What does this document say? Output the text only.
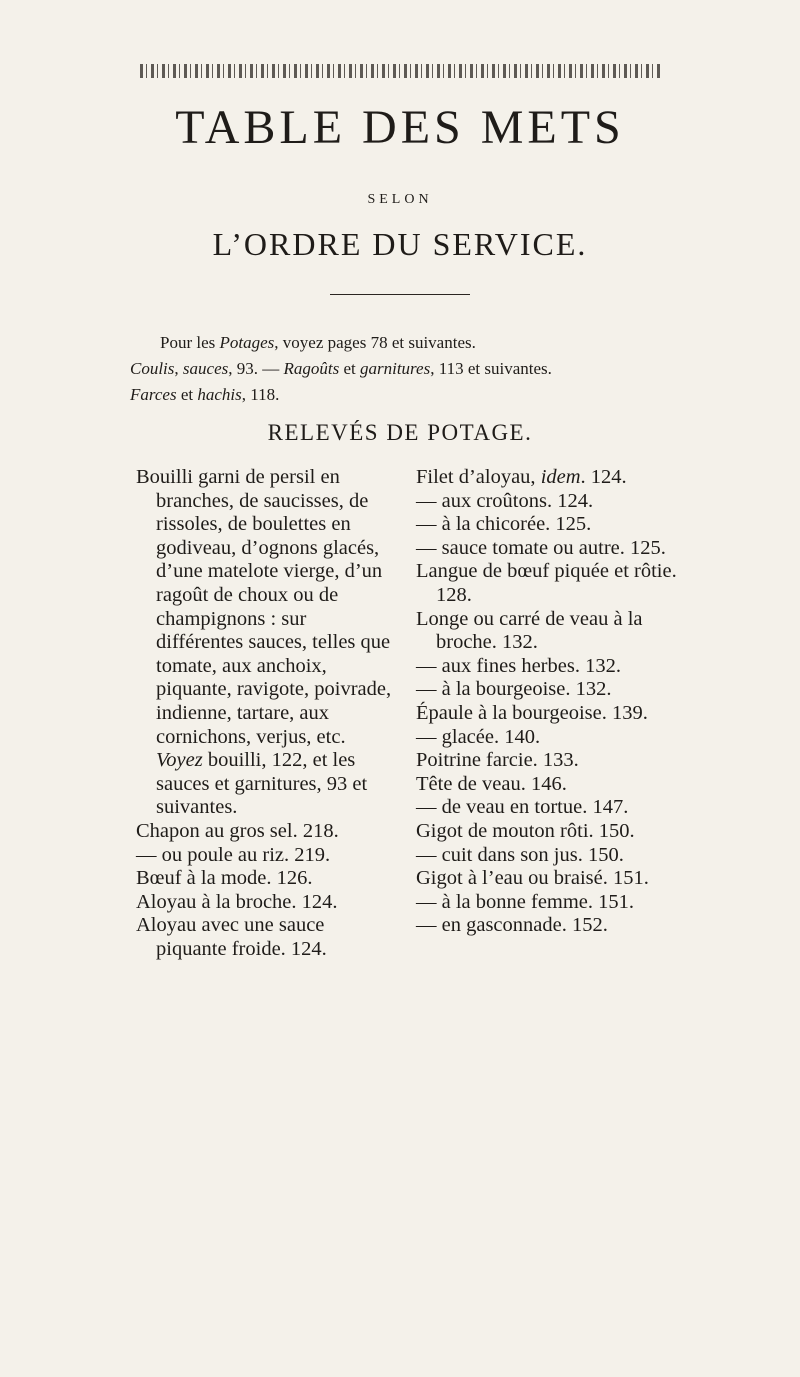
TABLE DES METS
SELON
L’ORDRE DU SERVICE.

Pour les Potages, voyez pages 78 et suivantes.

Coulis, sauces, 93. — Ragoûts et garnitures, 113 et suivantes.

Farces et hachis, 118.

RELEVÉS DE POTAGE.

Bouilli garni de persil en branches, de saucisses, de rissoles, de boulettes en godiveau, d’ognons glacés, d’une matelote vierge, d’un ragoût de choux ou de champignons : sur différentes sauces, telles que tomate, aux anchoix, piquante, ravigote, poivrade, indienne, tartare, aux cornichons, verjus, etc. Voyez bouilli, 122, et les sauces et garnitures, 93 et suivantes.

Chapon au gros sel. 218.

— ou poule au riz. 219.

Bœuf à la mode. 126.

Aloyau à la broche. 124.

Aloyau avec une sauce piquante froide. 124.

Filet d’aloyau, idem. 124.

— aux croûtons. 124.

— à la chicorée. 125.

— sauce tomate ou autre. 125.

Langue de bœuf piquée et rôtie. 128.

Longe ou carré de veau à la broche. 132.

— aux fines herbes. 132.

— à la bourgeoise. 132.

Épaule à la bourgeoise. 139.

— glacée. 140.

Poitrine farcie. 133.

Tête de veau. 146.

— de veau en tortue. 147.

Gigot de mouton rôti. 150.

— cuit dans son jus. 150.

Gigot à l’eau ou braisé. 151.

— à la bonne femme. 151.

— en gasconnade. 152.
